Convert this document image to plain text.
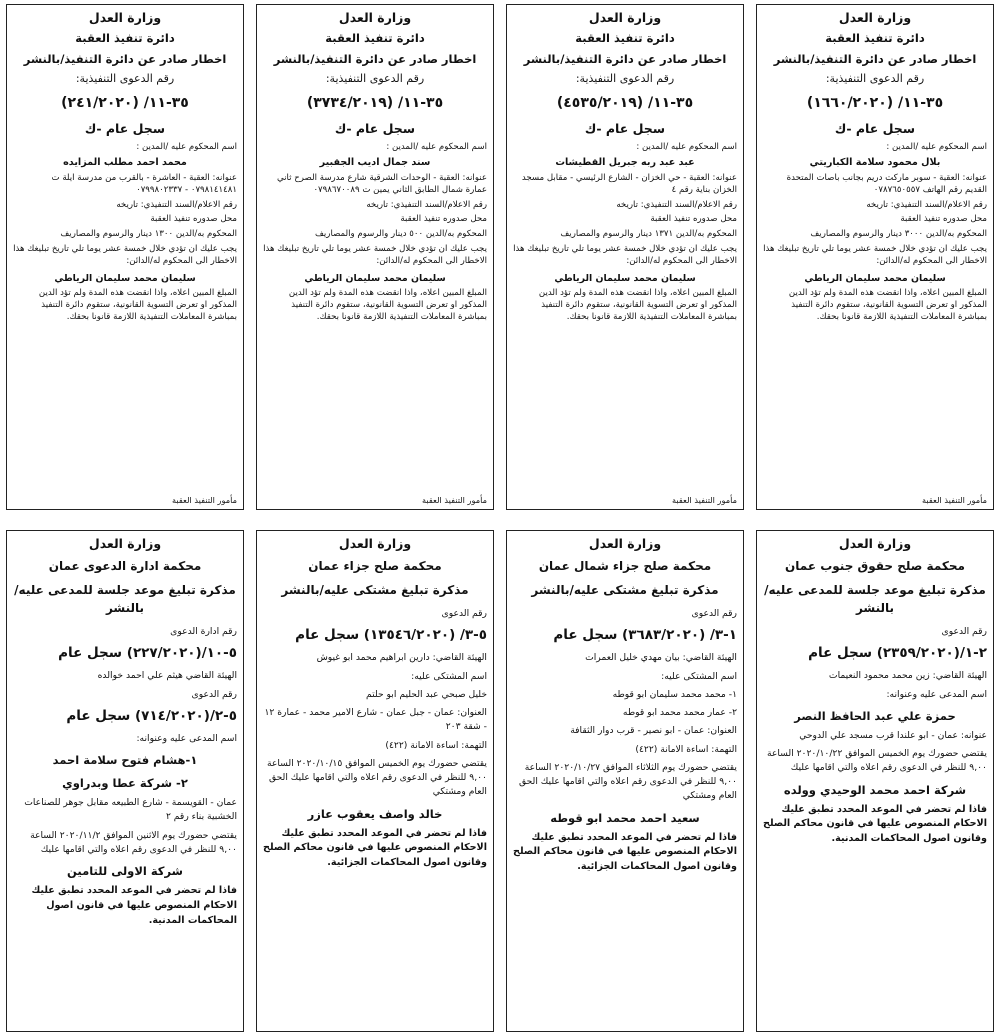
وزارة العدل
دائرة تنفيذ العقبة
اخطار صادر عن دائرة التنفيذ/بالنشر
رقم الدعوى التنفيذية:
٣٥-١١/ (١٦٦٠/٢٠٢٠)
سجل عام -ك
اسم المحكوم عليه /المدين :
بلال محمود سلامة الكباريتي
عنوانه: العقبة - سوبر ماركت دريم بجانب باصات المتحدة القديم رقم الهاتف ٠٧٨٧٦٥٠٥٥٧
رقم الاعلام/السند التنفيذي: تاريخه
محل صدوره تنفيذ العقبة
المحكوم به/الدين ٣٠٠٠ دينار والرسوم والمصاريف
يجب عليك ان تؤدي خلال خمسة عشر يوما تلي تاريخ تبليغك هذا الاخطار الى المحكوم له/الدائن:
سليمان محمد سليمان الرياطي
المبلغ المبين اعلاه، واذا انقضت هذه المدة ولم تؤد الدين المذكور او تعرض التسوية القانونية، ستقوم دائرة التنفيذ بمباشرة المعاملات التنفيذية اللازمة قانونا بحقك.
مأمور التنفيذ العقبة
وزارة العدل
دائرة تنفيذ العقبة
اخطار صادر عن دائرة التنفيذ/بالنشر
رقم الدعوى التنفيذية:
٣٥-١١/ (٤٥٣٥/٢٠١٩)
سجل عام -ك
اسم المحكوم عليه /المدين :
عبد عبد ربه جبريل القطيشات
عنوانه: العقبة - حي الخزان - الشارع الرئيسي - مقابل مسجد الخزان بناية رقم ٤
رقم الاعلام/السند التنفيذي: تاريخه
محل صدوره تنفيذ العقبة
المحكوم به/الدين ١٣٧١ دينار والرسوم والمصاريف
يجب عليك ان تؤدي خلال خمسة عشر يوما تلي تاريخ تبليغك هذا الاخطار الى المحكوم له/الدائن:
سليمان محمد سليمان الرياطي
المبلغ المبين اعلاه، واذا انقضت هذه المدة ولم تؤد الدين المذكور او تعرض التسوية القانونية، ستقوم دائرة التنفيذ بمباشرة المعاملات التنفيذية اللازمة قانونا بحقك.
مأمور التنفيذ العقبة
وزارة العدل
دائرة تنفيذ العقبة
اخطار صادر عن دائرة التنفيذ/بالنشر
رقم الدعوى التنفيذية:
٣٥-١١/ (٣٧٣٤/٢٠١٩)
سجل عام -ك
اسم المحكوم عليه /المدين :
سند جمال اديب الجقبير
عنوانه: العقبة - الوحدات الشرقية شارع مدرسة الصرح ثاني عمارة شمال الطابق الثاني يمين ت ٠٧٩٨٦٧٠٠٨٩
رقم الاعلام/السند التنفيذي: تاريخه
محل صدوره تنفيذ العقبة
المحكوم به/الدين ٥٠٠ دينار والرسوم والمصاريف
يجب عليك ان تؤدي خلال خمسة عشر يوما تلي تاريخ تبليغك هذا الاخطار الى المحكوم له/الدائن:
سليمان محمد سليمان الرياطي
المبلغ المبين اعلاه، واذا انقضت هذه المدة ولم تؤد الدين المذكور او تعرض التسوية القانونية، ستقوم دائرة التنفيذ بمباشرة المعاملات التنفيذية اللازمة قانونا بحقك.
مأمور التنفيذ العقبة
وزارة العدل
دائرة تنفيذ العقبة
اخطار صادر عن دائرة التنفيذ/بالنشر
رقم الدعوى التنفيذية:
٣٥-١١/ (٢٤١/٢٠٢٠)
سجل عام -ك
اسم المحكوم عليه /المدين :
محمد احمد مطلب المزايده
عنوانه: العقبة - العاشرة - بالقرب من مدرسة ايلة ت ٠٧٩٨١٤١٤٨١ - ٠٧٩٩٨٠٢٣٣٧
رقم الاعلام/السند التنفيذي: تاريخه
محل صدوره تنفيذ العقبة
المحكوم به/الدين ١٣٠٠ دينار والرسوم والمصاريف
يجب عليك ان تؤدي خلال خمسة عشر يوما تلي تاريخ تبليغك هذا الاخطار الى المحكوم له/الدائن:
سليمان محمد سليمان الرياطي
المبلغ المبين اعلاه، واذا انقضت هذه المدة ولم تؤد الدين المذكور او تعرض التسوية القانونية، ستقوم دائرة التنفيذ بمباشرة المعاملات التنفيذية اللازمة قانونا بحقك.
مأمور التنفيذ العقبة
وزارة العدل
محكمة صلح حقوق جنوب عمان
مذكرة تبليغ موعد جلسة للمدعى عليه/بالنشر
رقم الدعوى
٢-١/(٢٣٥٩/٢٠٢٠) سجل عام
الهيئة القاضي: زين محمد محمود النعيمات
اسم المدعى عليه وعنوانه:
حمزة علي عبد الحافظ النصر
عنوانه: عمان - ابو علندا قرب مسجد علي الدوحي
يقتضي حضورك يوم الخميس الموافق ٢٠٢٠/١٠/٢٢ الساعة ٩,٠٠ للنظر في الدعوى رقم اعلاه والتي اقامها عليك
شركة احمد محمد الوحيدي وولده
فاذا لم تحضر في الموعد المحدد تطبق عليك الاحكام المنصوص عليها في قانون محاكم الصلح وقانون اصول المحاكمات المدنية.
وزارة العدل
محكمة صلح جزاء شمال عمان
مذكرة تبليغ مشتكى عليه/بالنشر
رقم الدعوى
١-٣/ (٣٦٨٣/٢٠٢٠) سجل عام
الهيئة القاضي: بيان مهدي خليل العمرات
اسم المشتكى عليه:
١- محمد محمد سليمان ابو قوطه
٢- عمار محمد محمد ابو قوطه
العنوان: عمان - ابو نصير - قرب دوار الثقافة
التهمة: اساءة الامانة (٤٢٢)
يقتضي حضورك يوم الثلاثاء الموافق ٢٠٢٠/١٠/٢٧ الساعة ٩,٠٠ للنظر في الدعوى رقم اعلاه والتي اقامها عليك الحق العام ومشتكي
سعيد احمد محمد ابو قوطه
فاذا لم تحضر في الموعد المحدد تطبق عليك الاحكام المنصوص عليها في قانون محاكم الصلح وقانون اصول المحاكمات الجزائية.
وزارة العدل
محكمة صلح جزاء عمان
مذكرة تبليغ مشتكى عليه/بالنشر
رقم الدعوى
٥-٣/ (١٣٥٤٦/٢٠٢٠) سجل عام
الهيئة القاضي: دارين ابراهيم محمد ابو غيوش
اسم المشتكى عليه:
خليل صبحي عبد الحليم ابو حلتم
العنوان: عمان - جبل عمان - شارع الامير محمد - عمارة ١٢ - شقة ٢٠٣
التهمة: اساءة الامانة (٤٢٢)
يقتضي حضورك يوم الخميس الموافق ٢٠٢٠/١٠/١٥ الساعة ٩,٠٠ للنظر في الدعوى رقم اعلاه والتي اقامها عليك الحق العام ومشتكي
خالد واصف يعقوب عازر
فاذا لم تحضر في الموعد المحدد تطبق عليك الاحكام المنصوص عليها في قانون محاكم الصلح وقانون اصول المحاكمات الجزائية.
وزارة العدل
محكمة ادارة الدعوى عمان
مذكرة تبليغ موعد جلسة للمدعى عليه/بالنشر
رقم ادارة الدعوى
٥-١٠/(٢٢٧/٢٠٢٠) سجل عام
الهيئة القاضي هيثم علي احمد خوالده
رقم الدعوى
٥-٢/(٧١٤/٢٠٢٠) سجل عام
اسم المدعى عليه وعنوانه:
١-هشام فتوح سلامة احمد
٢- شركة عطا وبدراوي
عمان - القويسمة - شارع الطبيعه مقابل جوهر للصناعات الخشبية بناء رقم ٢
يقتضي حضورك يوم الاثنين الموافق ٢٠٢٠/١١/٢ الساعة ٩,٠٠ للنظر في الدعوى رقم اعلاه والتي اقامها عليك
شركة الاولى للتامين
فاذا لم تحضر في الموعد المحدد تطبق عليك الاحكام المنصوص عليها في قانون اصول المحاكمات المدنية.
